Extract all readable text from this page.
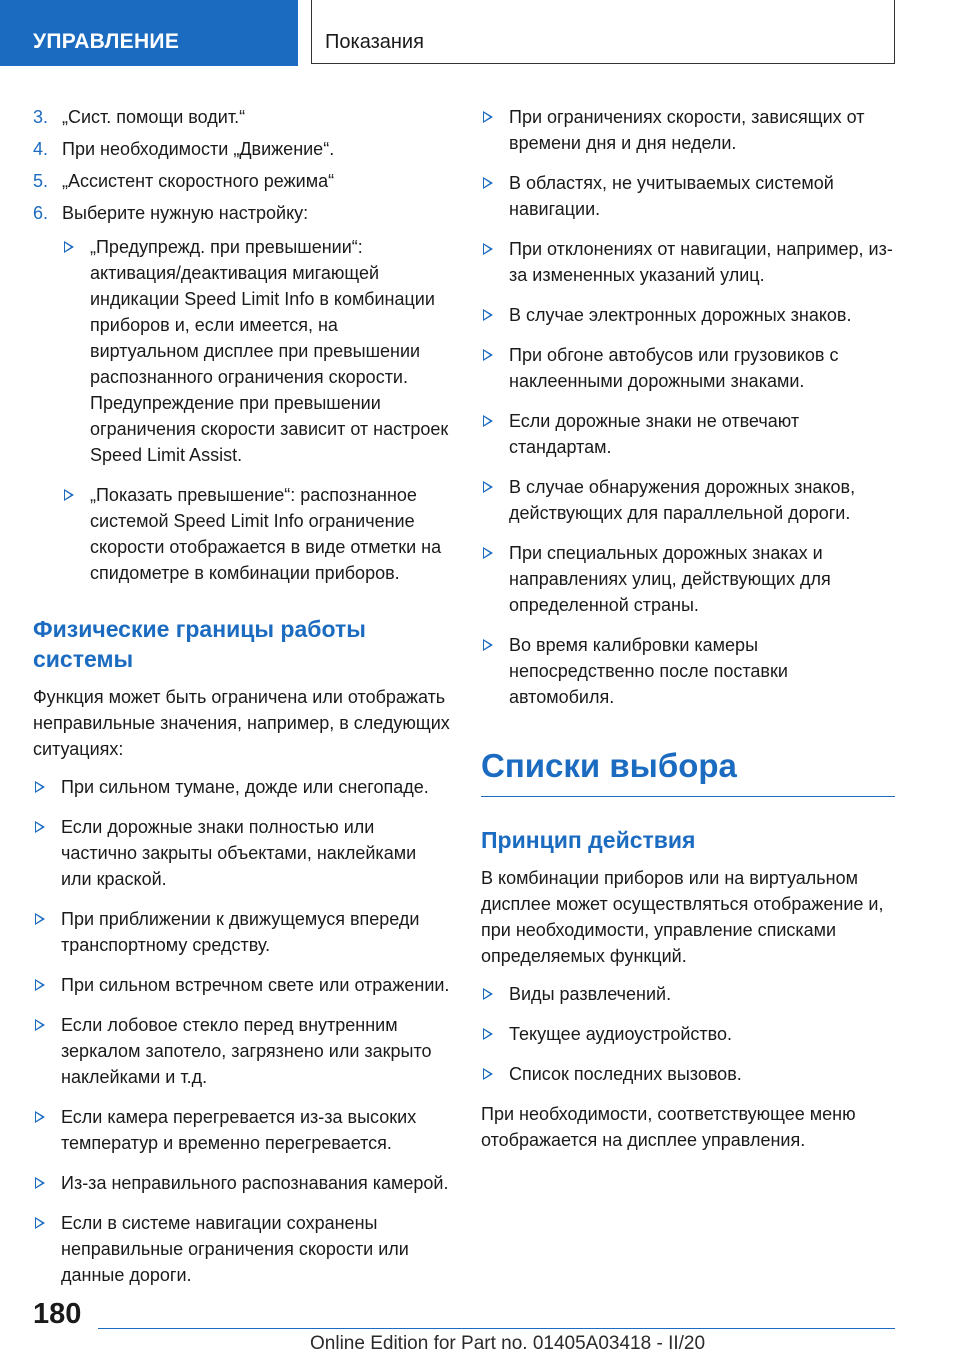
УПРАВЛЕНИЕ	Показания
3. „Сист. помощи водит.“
4. При необходимости „Движение“.
5. „Ассистент скоростного режима“
6. Выберите нужную настройку:
„Предупрежд. при превышении“: активация/деактивация мигающей индикации Speed Limit Info в комбинации приборов и, если имеется, на виртуальном дисплее при превышении распознанного ограничения скорости. Предупреждение при превышении ограничения скорости зависит от настроек Speed Limit Assist.
„Показать превышение“: распознанное системой Speed Limit Info ограничение скорости отображается в виде отметки на спидометре в комбинации приборов.
Физические границы работы системы

Функция может быть ограничена или отображать неправильные значения, например, в следующих ситуациях:

При сильном тумане, дожде или снегопаде.
Если дорожные знаки полностью или частично закрыты объектами, наклейками или краской.
При приближении к движущемуся впереди транспортному средству.
При сильном встречном свете или отражении.
Если лобовое стекло перед внутренним зеркалом запотело, загрязнено или закрыто наклейками и т.д.
Если камера перегревается из-за высоких температур и временно перегревается.
Из-за неправильного распознавания камерой.
Если в системе навигации сохранены неправильные ограничения скорости или данные дороги.
При ограничениях скорости, зависящих от времени дня и дня недели.
В областях, не учитываемых системой навигации.
При отклонениях от навигации, например, из-за измененных указаний улиц.
В случае электронных дорожных знаков.
При обгоне автобусов или грузовиков с наклеенными дорожными знаками.
Если дорожные знаки не отвечают стандартам.
В случае обнаружения дорожных знаков, действующих для параллельной дороги.
При специальных дорожных знаках и направлениях улиц, действующих для определенной страны.
Во время калибровки камеры непосредственно после поставки автомобиля.
Списки выбора
Принцип действия

В комбинации приборов или на виртуальном дисплее может осуществляться отображение и, при необходимости, управление списками определяемых функций.

Виды развлечений.
Текущее аудиоустройство.
Список последних вызовов.

При необходимости, соответствующее меню отображается на дисплее управления.

180
Online Edition for Part no. 01405A03418 - II/20
